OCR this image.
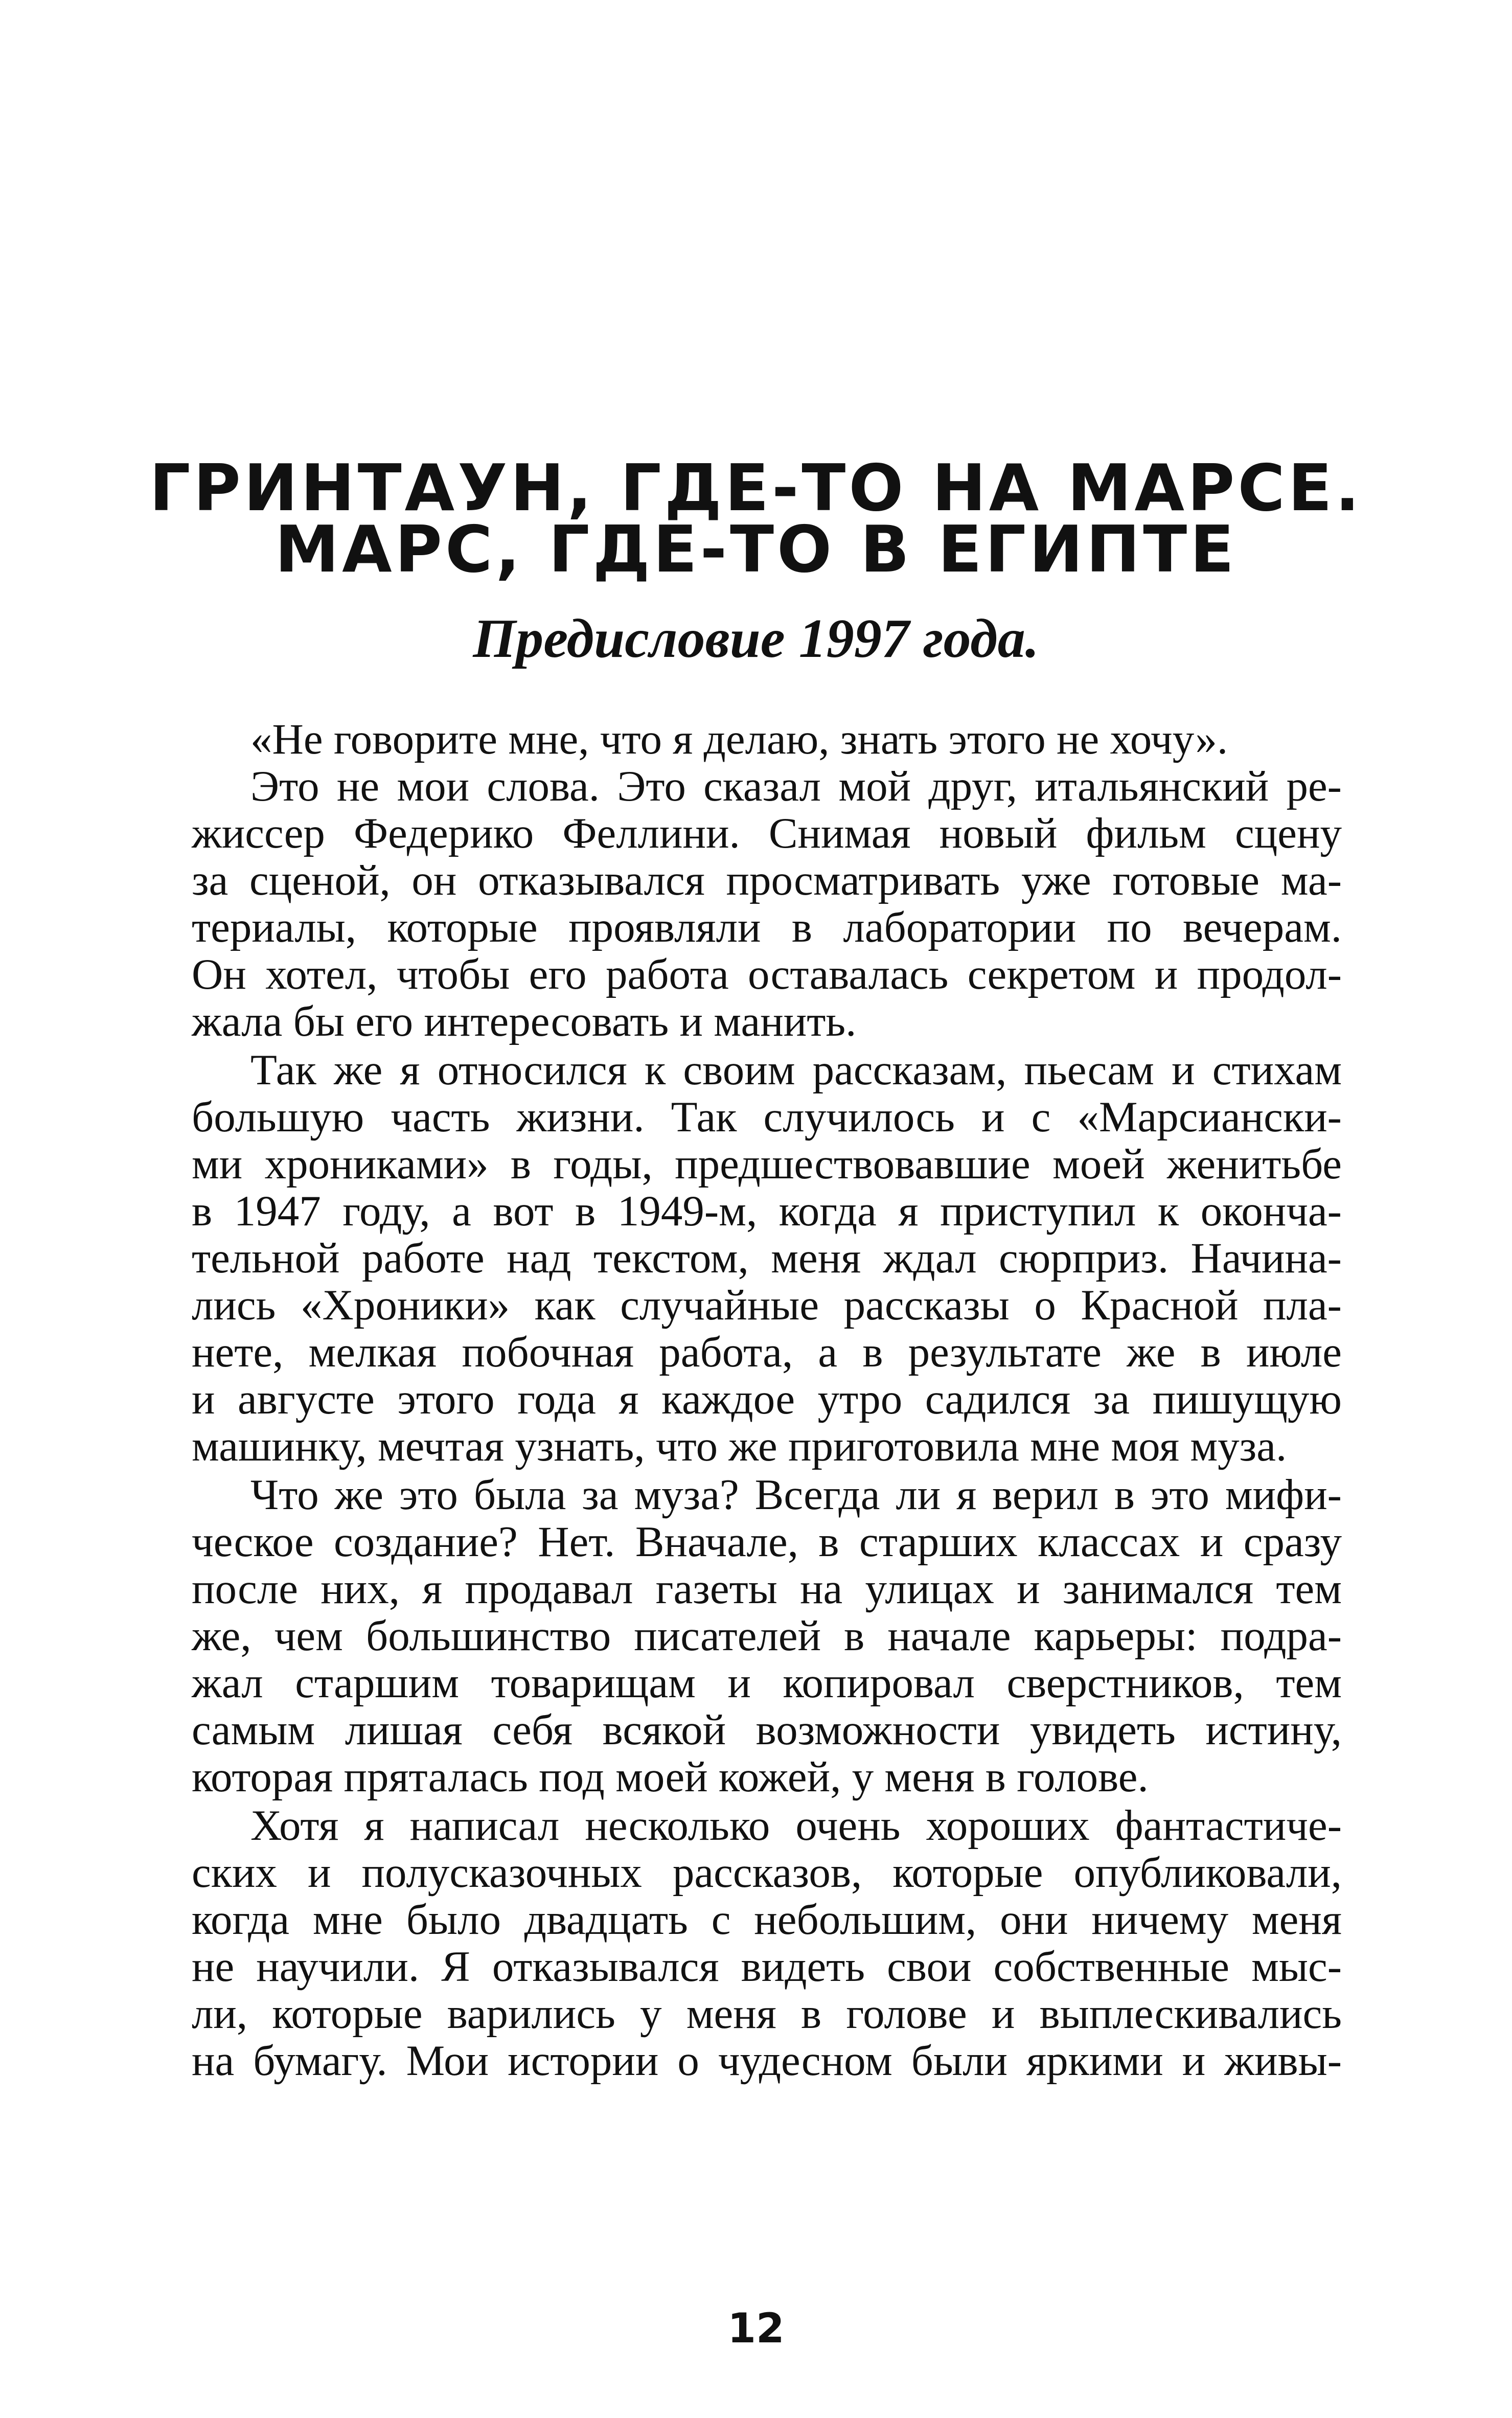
ГРИНТАУН, ГДЕ-ТО НА МАРСЕ.
МАРС, ГДЕ-ТО В ЕГИПТЕ

Предисловие 1997 года.

«Не говорите мне, что я делаю, знать этого не хочу».
Это не мои слова. Это сказал мой друг, итальянский ре-
жиссер Федерико Феллини. Снимая новый фильм сцену
за сценой, он отказывался просматривать уже готовые ма-
териалы, которые проявляли в лаборатории по вечерам.
Он хотел, чтобы его работа оставалась секретом и продол-
жала бы его интересовать и манить.
Так же я относился к своим рассказам, пьесам и стихам
большую часть жизни. Так случилось и с «Марсиански-
ми хрониками» в годы, предшествовавшие моей женитьбе
в 1947 году, а вот в 1949-м, когда я приступил к оконча-
тельной работе над текстом, меня ждал сюрприз. Начина-
лись «Хроники» как случайные рассказы о Красной пла-
нете, мелкая побочная работа, а в результате же в июле
и августе этого года я каждое утро садился за пишущую
машинку, мечтая узнать, что же приготовила мне моя муза.
Что же это была за муза? Всегда ли я верил в это мифи-
ческое создание? Нет. Вначале, в старших классах и сразу
после них, я продавал газеты на улицах и занимался тем
же, чем большинство писателей в начале карьеры: подра-
жал старшим товарищам и копировал сверстников, тем
самым лишая себя всякой возможности увидеть истину,
которая пряталась под моей кожей, у меня в голове.
Хотя я написал несколько очень хороших фантастиче-
ских и полусказочных рассказов, которые опубликовали,
когда мне было двадцать с небольшим, они ничему меня
не научили. Я отказывался видеть свои собственные мыс-
ли, которые варились у меня в голове и выплескивались
на бумагу. Мои истории о чудесном были яркими и живы-

12
